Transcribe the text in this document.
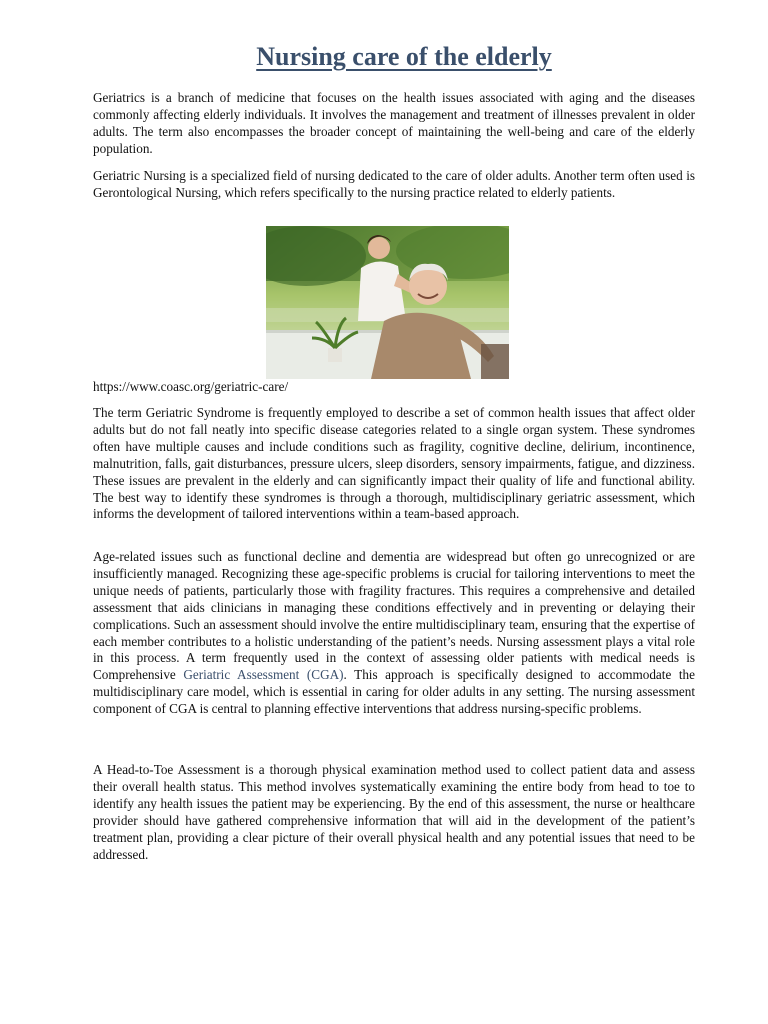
Nursing care of the elderly

Geriatrics is a branch of medicine that focuses on the health issues associated with aging and the diseases commonly affecting elderly individuals. It involves the management and treatment of illnesses prevalent in older adults. The term also encompasses the broader concept of maintaining the well-being and care of the elderly population.

Geriatric Nursing is a specialized field of nursing dedicated to the care of older adults. Another term often used is Gerontological Nursing, which refers specifically to the nursing practice related to elderly patients.

https://www.coasc.org/geriatric-care/

The term Geriatric Syndrome is frequently employed to describe a set of common health issues that affect older adults but do not fall neatly into specific disease categories related to a single organ system. These syndromes often have multiple causes and include conditions such as fragility, cognitive decline, delirium, incontinence, malnutrition, falls, gait disturbances, pressure ulcers, sleep disorders, sensory impairments, fatigue, and dizziness. These issues are prevalent in the elderly and can significantly impact their quality of life and functional ability. The best way to identify these syndromes is through a thorough, multidisciplinary geriatric assessment, which informs the development of tailored interventions within a team-based approach.

Age-related issues such as functional decline and dementia are widespread but often go unrecognized or are insufficiently managed. Recognizing these age-specific problems is crucial for tailoring interventions to meet the unique needs of patients, particularly those with fragility fractures. This requires a comprehensive and detailed assessment that aids clinicians in managing these conditions effectively and in preventing or delaying their complications. Such an assessment should involve the entire multidisciplinary team, ensuring that the expertise of each member contributes to a holistic understanding of the patient’s needs. Nursing assessment plays a vital role in this process. A term frequently used in the context of assessing older patients with medical needs is Comprehensive Geriatric Assessment (CGA). This approach is specifically designed to accommodate the multidisciplinary care model, which is essential in caring for older adults in any setting. The nursing assessment component of CGA is central to planning effective interventions that address nursing-specific problems.

A Head-to-Toe Assessment is a thorough physical examination method used to collect patient data and assess their overall health status. This method involves systematically examining the entire body from head to toe to identify any health issues the patient may be experiencing. By the end of this assessment, the nurse or healthcare provider should have gathered comprehensive information that will aid in the development of the patient’s treatment plan, providing a clear picture of their overall physical health and any potential issues that need to be addressed.
